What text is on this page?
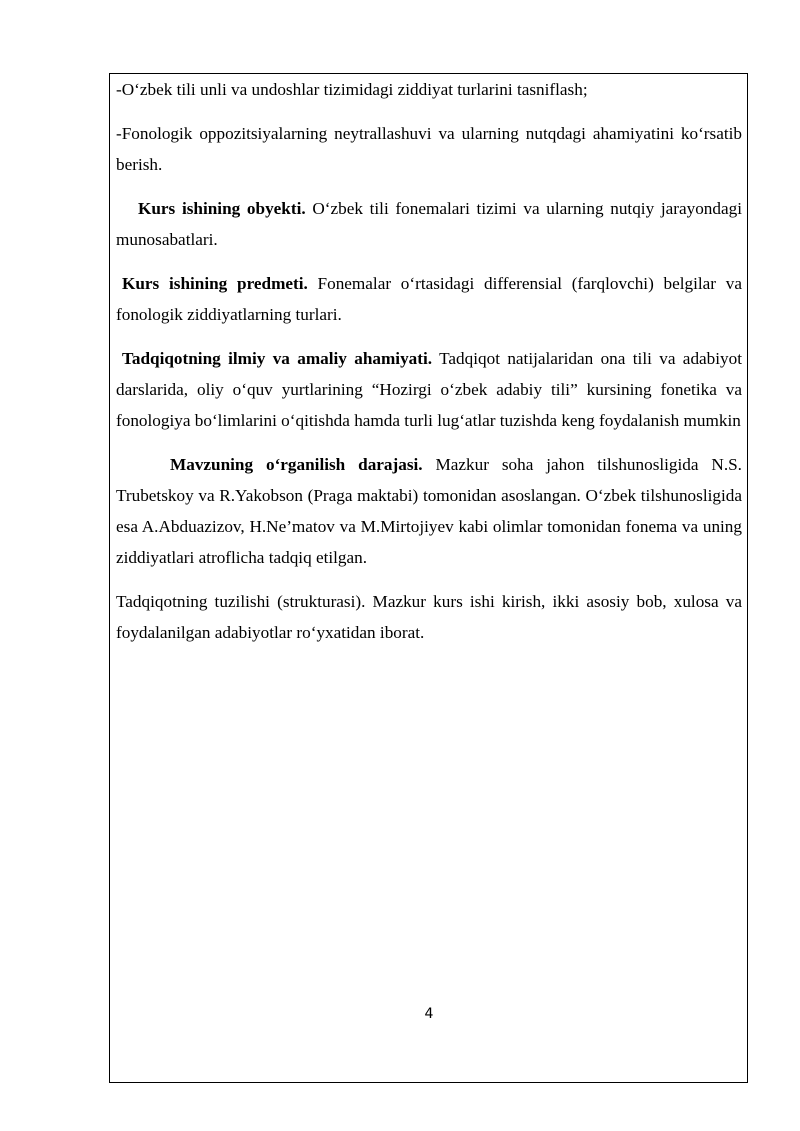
-O‘zbek tili unli va undoshlar tizimidagi ziddiyat turlarini tasniflash;

-Fonologik oppozitsiyalarning neytrallashuvi va ularning nutqdagi ahamiyatini ko‘rsatib berish.

Kurs ishining obyekti. O‘zbek tili fonemalari tizimi va ularning nutqiy jarayondagi munosabatlari.

Kurs ishining predmeti. Fonemalar o‘rtasidagi differensial (farqlovchi) belgilar va fonologik ziddiyatlarning turlari.

Tadqiqotning ilmiy va amaliy ahamiyati. Tadqiqot natijalaridan ona tili va adabiyot darslarida, oliy o‘quv yurtlarining “Hozirgi o‘zbek adabiy tili” kursining fonetika va fonologiya bo‘limlarini o‘qitishda hamda turli lug‘atlar tuzishda keng foydalanish mumkin

Mavzuning o‘rganilish darajasi. Mazkur soha jahon tilshunosligida N.S. Trubetskoy va R.Yakobson (Praga maktabi) tomonidan asoslangan. O‘zbek tilshunosligida esa A.Abduazizov, H.Ne’matov va M.Mirtojiyev kabi olimlar tomonidan fonema va uning ziddiyatlari atroflicha tadqiq etilgan.

Tadqiqotning tuzilishi (strukturasi). Mazkur kurs ishi kirish, ikki asosiy bob, xulosa va foydalanilgan adabiyotlar ro‘yxatidan iborat.

4
